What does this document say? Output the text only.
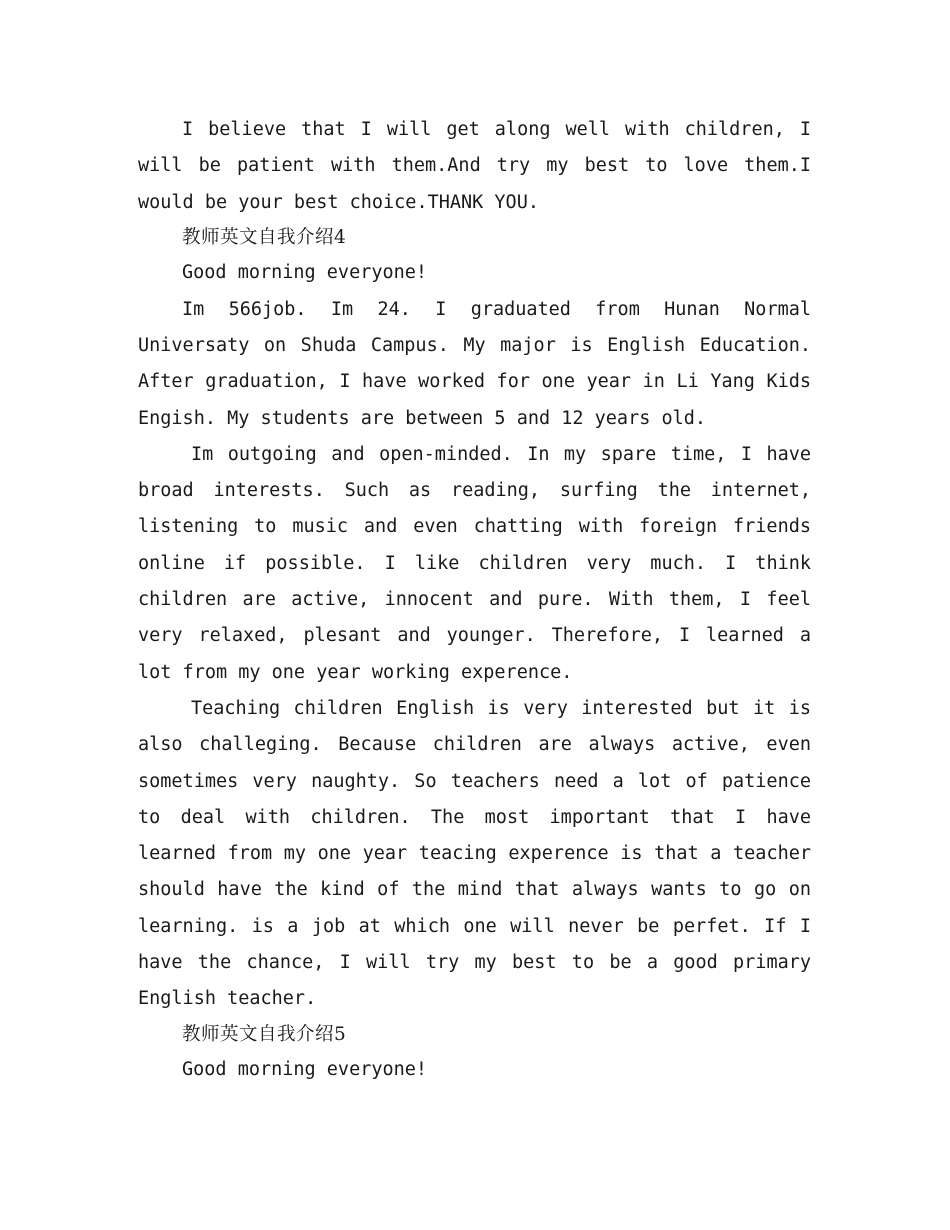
I believe that I will get along well with children, I will be patient with them.And try my best to love them.I would be your best choice.THANK YOU.

教师英文自我介绍4

Good morning everyone!

Im 566job. Im 24. I graduated from Hunan Normal Universaty on Shuda Campus. My major is English Education. After graduation, I have worked for one year in Li Yang Kids Engish. My students are between 5 and 12 years old.

Im outgoing and open-minded. In my spare time, I have broad interests. Such as reading, surfing the internet, listening to music and even chatting with foreign friends online if possible. I like children very much. I think children are active, innocent and pure. With them, I feel very relaxed, plesant and younger. Therefore, I learned a lot from my one year working experence.

Teaching children English is very interested but it is also challeging. Because children are always active, even sometimes very naughty. So teachers need a lot of patience to deal with children. The most important that I have learned from my one year teacing experence is that a teacher should have the kind of the mind that always wants to go on learning. is a job at which one will never be perfet. If I have the chance, I will try my best to be a good primary English teacher.

教师英文自我介绍5

Good morning everyone!
